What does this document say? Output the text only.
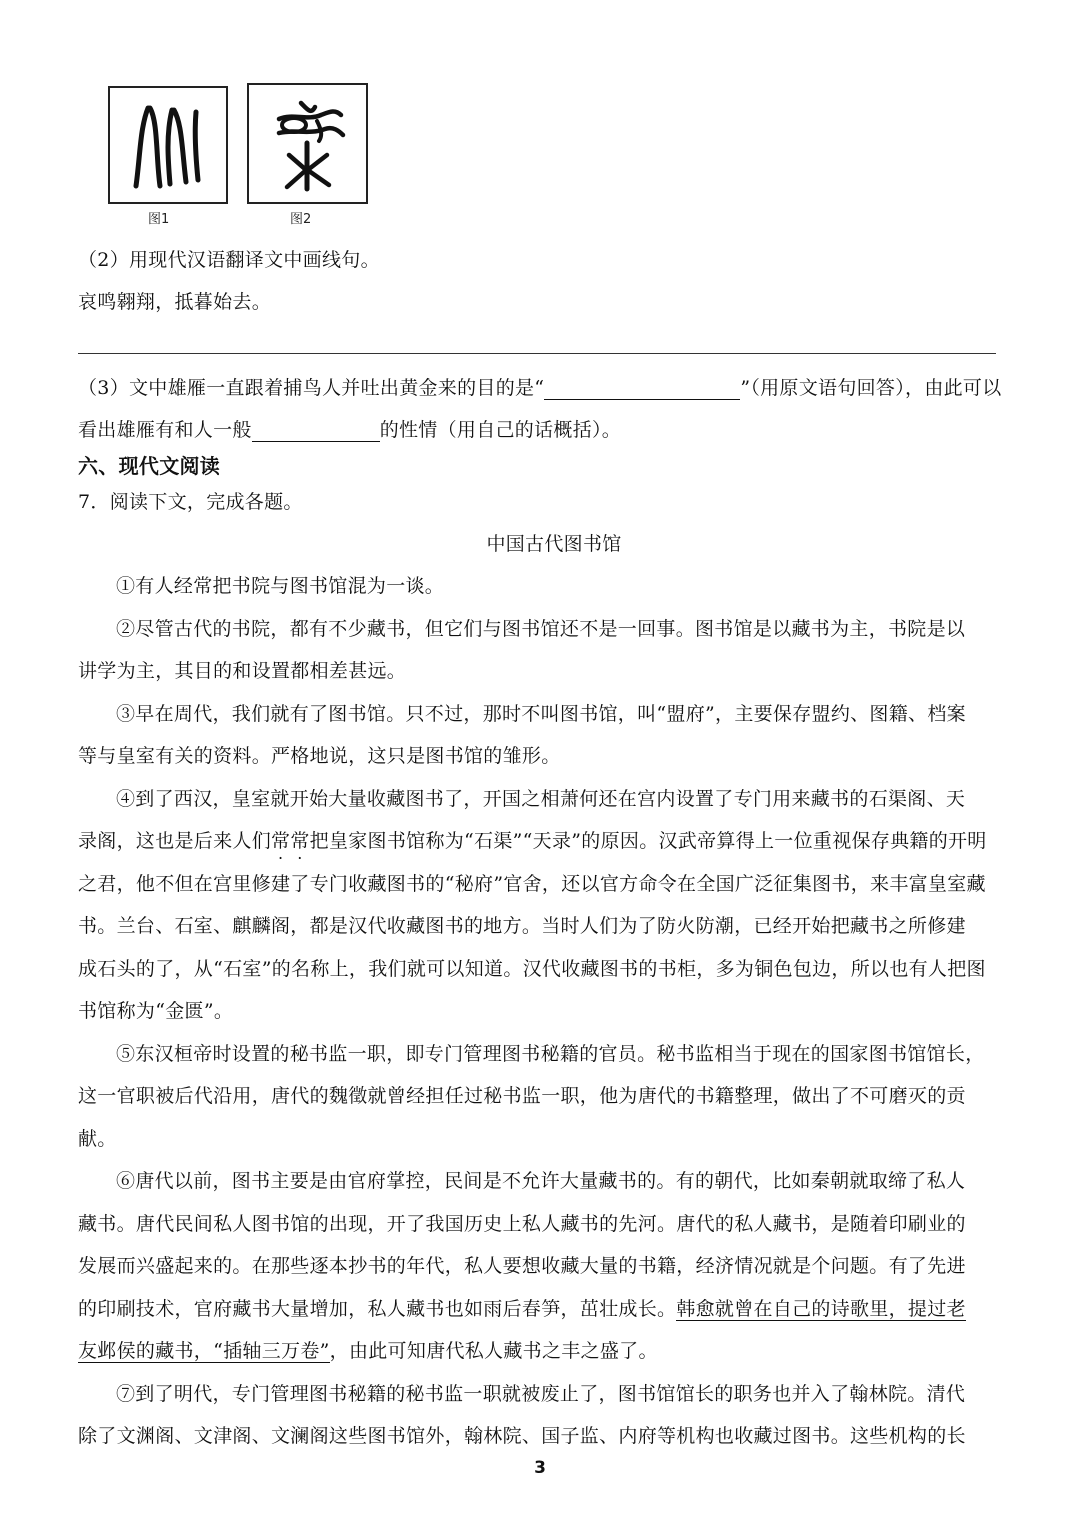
图1	图2
（2）用现代汉语翻译文中画线句。
哀鸣翱翔，抵暮始去。
（3）文中雄雁一直跟着捕鸟人并吐出黄金来的目的是“	”（用原文语句回答），由此可以
看出雄雁有和人一般	的性情（用自己的话概括）。
六、现代文阅读
7．阅读下文，完成各题。
中国古代图书馆
①有人经常把书院与图书馆混为一谈。
②尽管古代的书院，都有不少藏书，但它们与图书馆还不是一回事。图书馆是以藏书为主，书院是以
讲学为主，其目的和设置都相差甚远。
③早在周代，我们就有了图书馆。只不过，那时不叫图书馆，叫“盟府”，主要保存盟约、图籍、档案
等与皇室有关的资料。严格地说，这只是图书馆的雏形。
④到了西汉，皇室就开始大量收藏图书了，开国之相萧何还在宫内设置了专门用来藏书的石渠阁、天
录阁，这也是后来人们常常把皇家图书馆称为“石渠”“天录”的原因。汉武帝算得上一位重视保存典籍的开明
之君，他不但在宫里修建了专门收藏图书的“秘府”官舍，还以官方命令在全国广泛征集图书，来丰富皇室藏
书。兰台、石室、麒麟阁，都是汉代收藏图书的地方。当时人们为了防火防潮，已经开始把藏书之所修建
成石头的了，从“石室”的名称上，我们就可以知道。汉代收藏图书的书柜，多为铜色包边，所以也有人把图
书馆称为“金匮”。
⑤东汉桓帝时设置的秘书监一职，即专门管理图书秘籍的官员。秘书监相当于现在的国家图书馆馆长，
这一官职被后代沿用，唐代的魏徵就曾经担任过秘书监一职，他为唐代的书籍整理，做出了不可磨灭的贡
献。
⑥唐代以前，图书主要是由官府掌控，民间是不允许大量藏书的。有的朝代，比如秦朝就取缔了私人
藏书。唐代民间私人图书馆的出现，开了我国历史上私人藏书的先河。唐代的私人藏书，是随着印刷业的
发展而兴盛起来的。在那些逐本抄书的年代，私人要想收藏大量的书籍，经济情况就是个问题。有了先进
的印刷技术，官府藏书大量增加，私人藏书也如雨后春笋，茁壮成长。韩愈就曾在自己的诗歌里，提过老
友邺侯的藏书，“插轴三万卷”，由此可知唐代私人藏书之丰之盛了。
⑦到了明代，专门管理图书秘籍的秘书监一职就被废止了，图书馆馆长的职务也并入了翰林院。清代
除了文渊阁、文津阁、文澜阁这些图书馆外，翰林院、国子监、内府等机构也收藏过图书。这些机构的长
3
